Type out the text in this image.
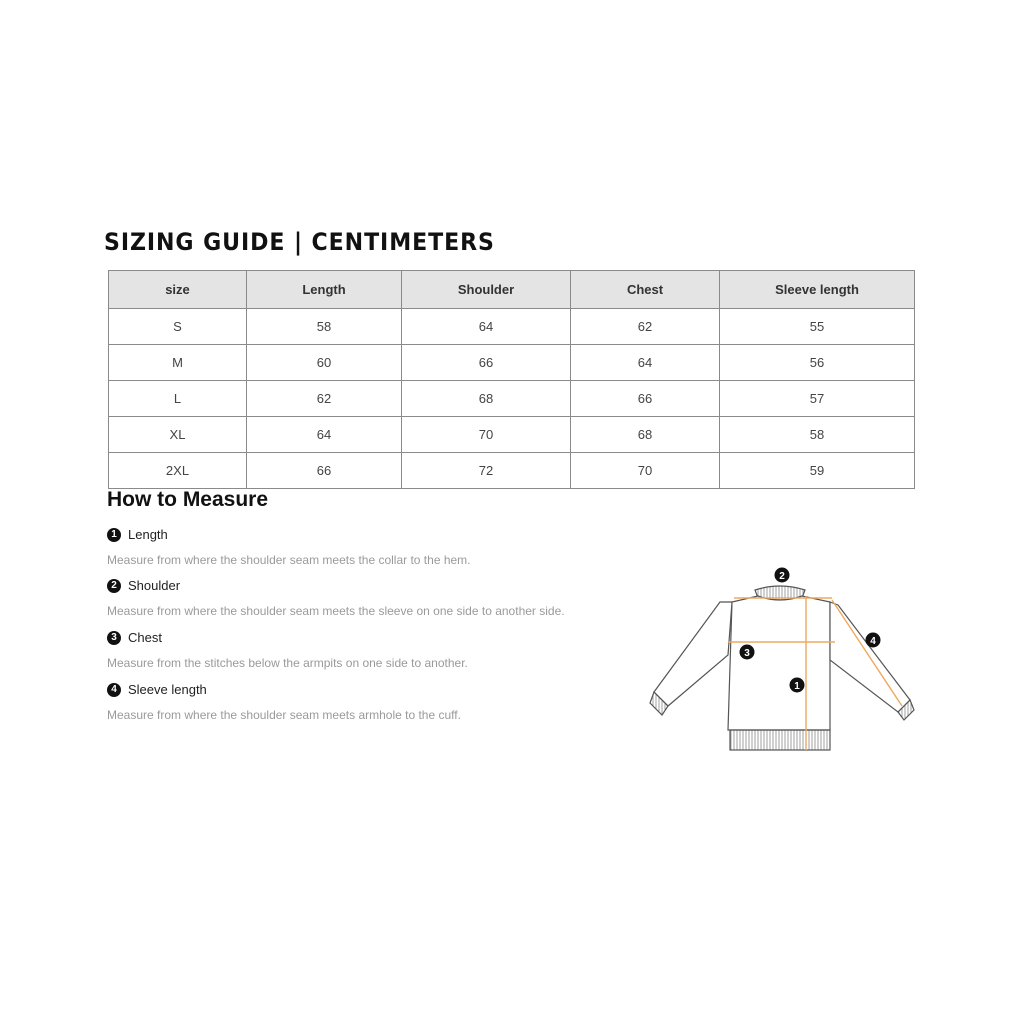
SIZING GUIDE | CENTIMETERS
size	Length	Shoulder	Chest	Sleeve length
S	58	64	62	55
M	60	66	64	56
L	62	68	66	57
XL	64	70	68	58
2XL	66	72	70	59
How to Measure
1 Length
Measure from where the shoulder seam meets the collar to the hem.
2 Shoulder
Measure from where the shoulder seam meets the sleeve on one side to another side.
3 Chest
Measure from the stitches below the armpits on one side to another.
4 Sleeve length
Measure from where the shoulder seam meets armhole to the cuff.
2
3
1
4
